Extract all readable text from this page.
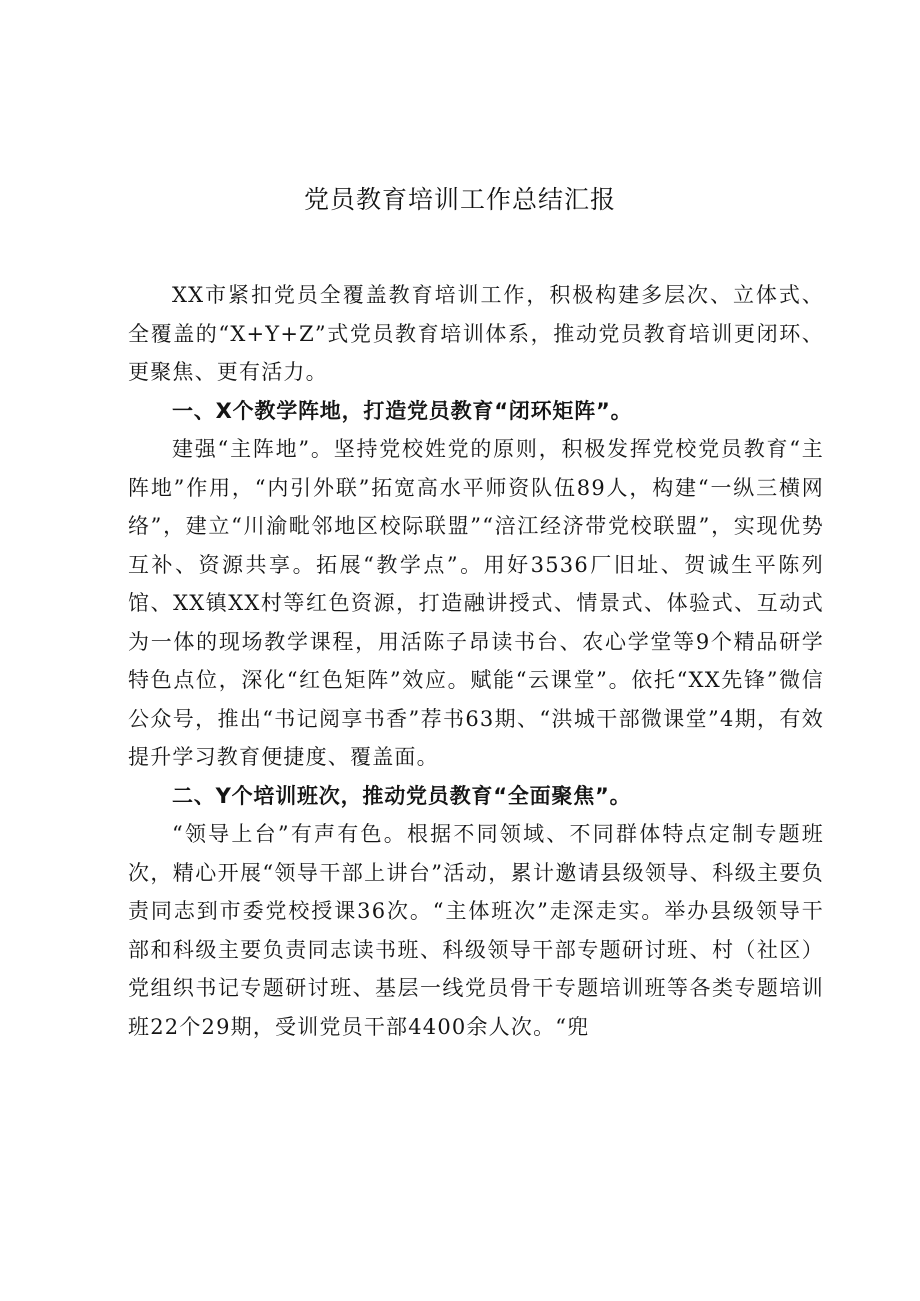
党员教育培训工作总结汇报

XX市紧扣党员全覆盖教育培训工作，积极构建多层次、立体式、全覆盖的“X+Y+Z”式党员教育培训体系，推动党员教育培训更闭环、更聚焦、更有活力。

一、X个教学阵地，打造党员教育“闭环矩阵”。

建强“主阵地”。坚持党校姓党的原则，积极发挥党校党员教育“主阵地”作用，“内引外联”拓宽高水平师资队伍89人，构建“一纵三横网络”，建立“川渝毗邻地区校际联盟”“涪江经济带党校联盟”，实现优势互补、资源共享。拓展“教学点”。用好3536厂旧址、贺诚生平陈列馆、XX镇XX村等红色资源，打造融讲授式、情景式、体验式、互动式为一体的现场教学课程，用活陈子昂读书台、农心学堂等9个精品研学特色点位，深化“红色矩阵”效应。赋能“云课堂”。依托“XX先锋”微信公众号，推出“书记阅享书香”荐书63期、“洪城干部微课堂”4期，有效提升学习教育便捷度、覆盖面。

二、Y个培训班次，推动党员教育“全面聚焦”。

“领导上台”有声有色。根据不同领域、不同群体特点定制专题班次，精心开展“领导干部上讲台”活动，累计邀请县级领导、科级主要负责同志到市委党校授课36次。“主体班次”走深走实。举办县级领导干部和科级主要负责同志读书班、科级领导干部专题研讨班、村（社区）党组织书记专题研讨班、基层一线党员骨干专题培训班等各类专题培训班22个29期，受训党员干部4400余人次。“兜
